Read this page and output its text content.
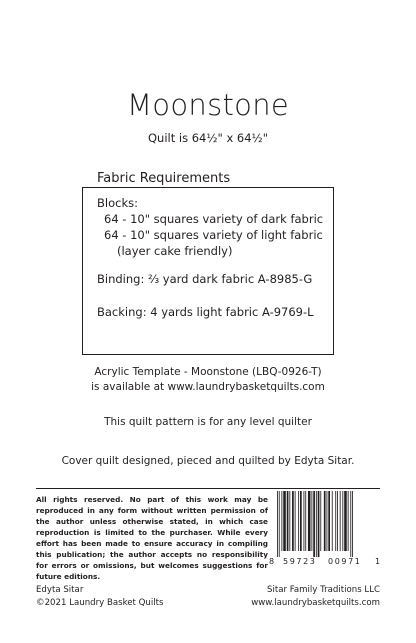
Moonstone
Quilt is 64½" x 64½"
Fabric Requirements
Blocks:
64 - 10" squares variety of dark fabric
64 - 10" squares variety of light fabric
(layer cake friendly)
Binding: ⅔ yard dark fabric A-8985-G
Backing: 4 yards light fabric A-9769-L
Acrylic Template - Moonstone (LBQ-0926-T)
is available at www.laundrybasketquilts.com
This quilt pattern is for any level quilter
Cover quilt designed, pieced and quilted by Edyta Sitar.
All rights reserved. No part of this work may be reproduced in any form without written permission of the author unless otherwise stated, in which case reproduction is limited to the purchaser. While every effort has been made to ensure accuracy in compiling this publication; the author accepts no responsibility for errors or omissions, but welcomes suggestions for future editions.
8 59723 00971 1
Edyta Sitar
©2021 Laundry Basket Quilts
Sitar Family Traditions LLC
www.laundrybasketquilts.com
